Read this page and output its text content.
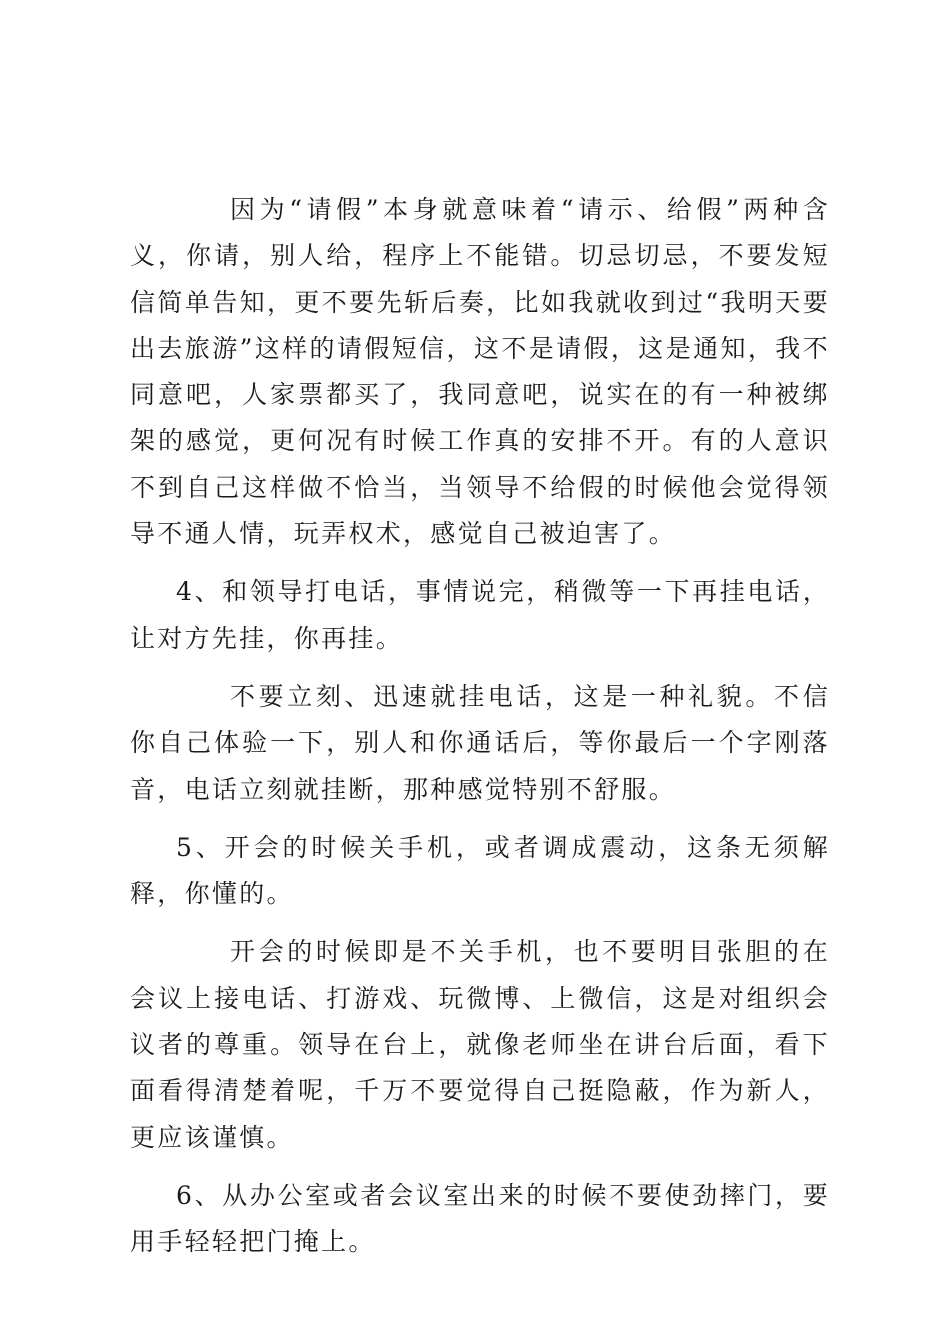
因为“请假”本身就意味着“请示、给假”两种含义，你请，别人给，程序上不能错。切忌切忌，不要发短信简单告知，更不要先斩后奏，比如我就收到过“我明天要出去旅游”这样的请假短信，这不是请假，这是通知，我不同意吧，人家票都买了，我同意吧，说实在的有一种被绑架的感觉，更何况有时候工作真的安排不开。有的人意识不到自己这样做不恰当，当领导不给假的时候他会觉得领导不通人情，玩弄权术，感觉自己被迫害了。

4、和领导打电话，事情说完，稍微等一下再挂电话，让对方先挂，你再挂。

不要立刻、迅速就挂电话，这是一种礼貌。不信你自己体验一下，别人和你通话后，等你最后一个字刚落音，电话立刻就挂断，那种感觉特别不舒服。

5、开会的时候关手机，或者调成震动，这条无须解释，你懂的。

开会的时候即是不关手机，也不要明目张胆的在会议上接电话、打游戏、玩微博、上微信，这是对组织会议者的尊重。领导在台上，就像老师坐在讲台后面，看下面看得清楚着呢，千万不要觉得自己挺隐蔽，作为新人，更应该谨慎。

6、从办公室或者会议室出来的时候不要使劲摔门，要用手轻轻把门掩上。
